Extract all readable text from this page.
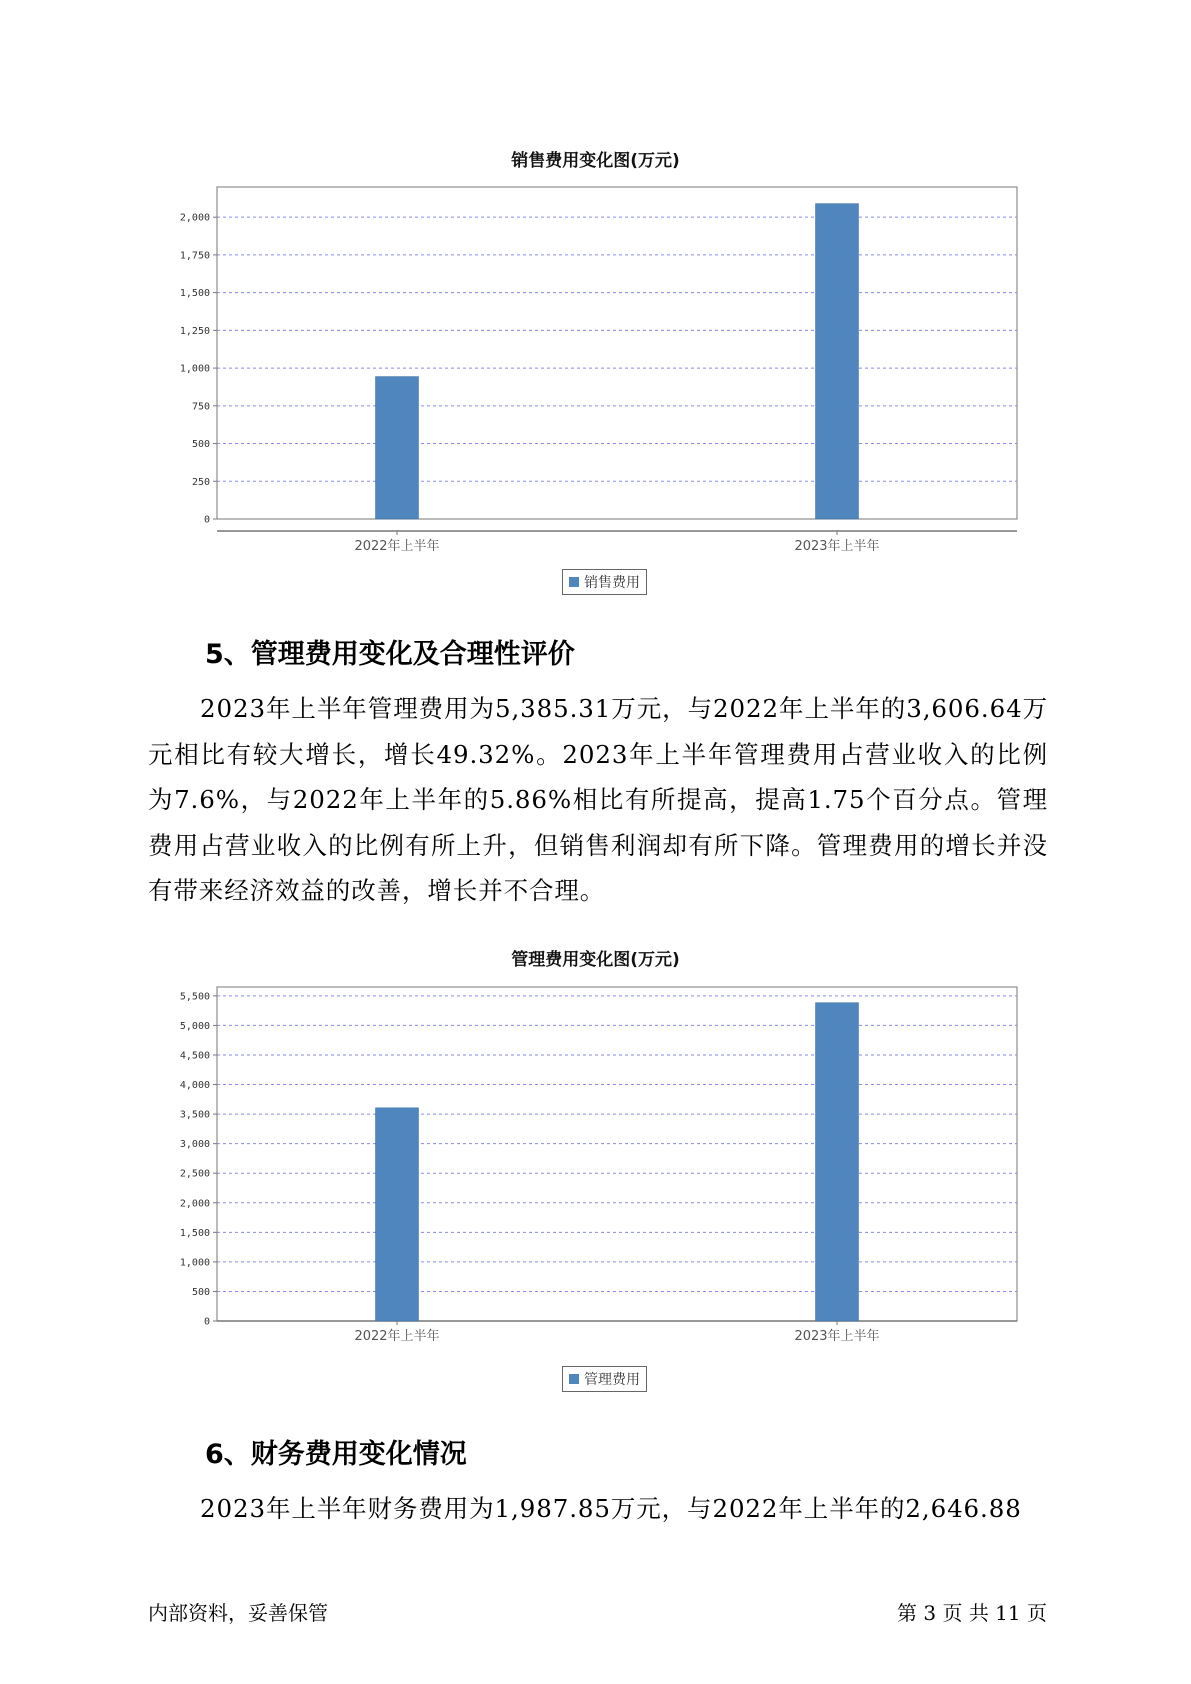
销售费用变化图(万元)
0
250
500
750
1,000
1,250
1,500
1,750
2,000
2022年上半年	2023年上半年
销售费用
5、管理费用变化及合理性评价
2023年上半年管理费用为5,385.31万元，与2022年上半年的3,606.64万元相比有较大增长，增长49.32%。2023年上半年管理费用占营业收入的比例为7.6%，与2022年上半年的5.86%相比有所提高，提高1.75个百分点。管理费用占营业收入的比例有所上升，但销售利润却有所下降。管理费用的增长并没有带来经济效益的改善，增长并不合理。
管理费用变化图(万元)
0
500
1,000
1,500
2,000
2,500
3,000
3,500
4,000
4,500
5,000
5,500
2022年上半年	2023年上半年
管理费用
6、财务费用变化情况
2023年上半年财务费用为1,987.85万元，与2022年上半年的2,646.88
内部资料，妥善保管	第 3 页 共 11 页
